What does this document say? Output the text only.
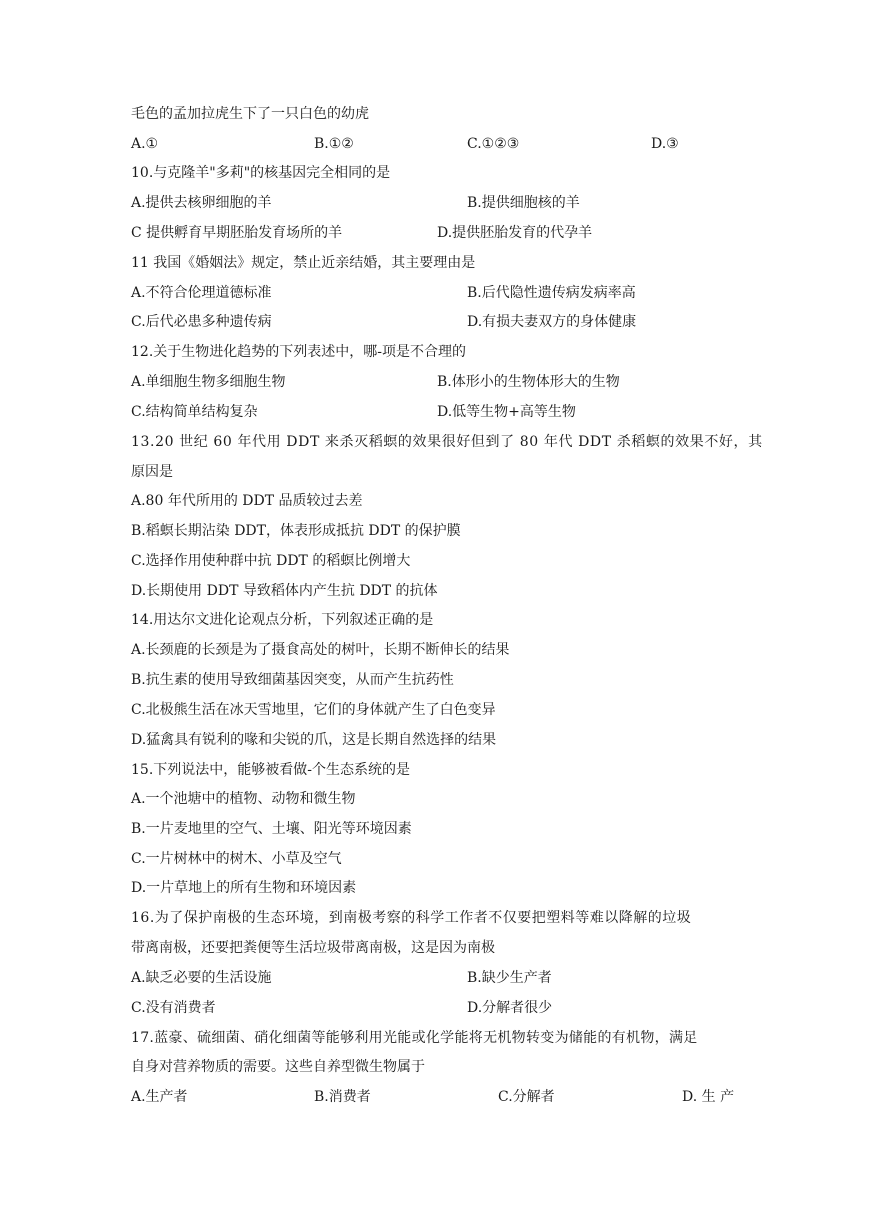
毛色的孟加拉虎生下了一只白色的幼虎
A.①	B.①②	C.①②③	D.③
10.与克隆羊"多莉"的核基因完全相同的是
A.提供去核卵细胞的羊	B.提供细胞核的羊
C 提供孵育早期胚胎发育场所的羊	D.提供胚胎发育的代孕羊
11 我国《婚姻法》规定，禁止近亲结婚，其主要理由是
A.不符合伦理道德标准	B.后代隐性遗传病发病率高
C.后代必患多种遗传病	D.有损夫妻双方的身体健康
12.关于生物进化趋势的下列表述中，哪-项是不合理的
A.单细胞生物多细胞生物	B.体形小的生物体形大的生物
C.结构简单结构复杂	D.低等生物+高等生物
13.20 世纪 60 年代用 DDT 来杀灭稻螟的效果很好但到了 80 年代 DDT 杀稻螟的效果不好，其
原因是
A.80 年代所用的 DDT 品质较过去差
B.稻螟长期沾染 DDT，体表形成抵抗 DDT 的保护膜
C.选择作用使种群中抗 DDT 的稻螟比例增大
D.长期使用 DDT 导致稻体内产生抗 DDT 的抗体
14.用达尔文进化论观点分析，下列叙述正确的是
A.长颈鹿的长颈是为了摄食高处的树叶，长期不断伸长的结果
B.抗生素的使用导致细菌基因突变，从而产生抗药性
C.北极熊生活在冰天雪地里，它们的身体就产生了白色变异
D.猛禽具有锐利的喙和尖锐的爪，这是长期自然选择的结果
15.下列说法中，能够被看做-个生态系统的是
A.一个池塘中的植物、动物和微生物
B.一片麦地里的空气、土壤、阳光等环境因素
C.一片树林中的树木、小草及空气
D.一片草地上的所有生物和环境因素
16.为了保护南极的生态环境，到南极考察的科学工作者不仅要把塑料等难以降解的垃圾
带离南极，还要把粪便等生活垃圾带离南极，这是因为南极
A.缺乏必要的生活设施	B.缺少生产者
C.没有消费者	D.分解者很少
17.蓝豪、硫细菌、硝化细菌等能够利用光能或化学能将无机物转变为储能的有机物，满足
自身对营养物质的需要。这些自养型微生物属于
A.生产者	B.消费者	C.分解者	D. 生 产
